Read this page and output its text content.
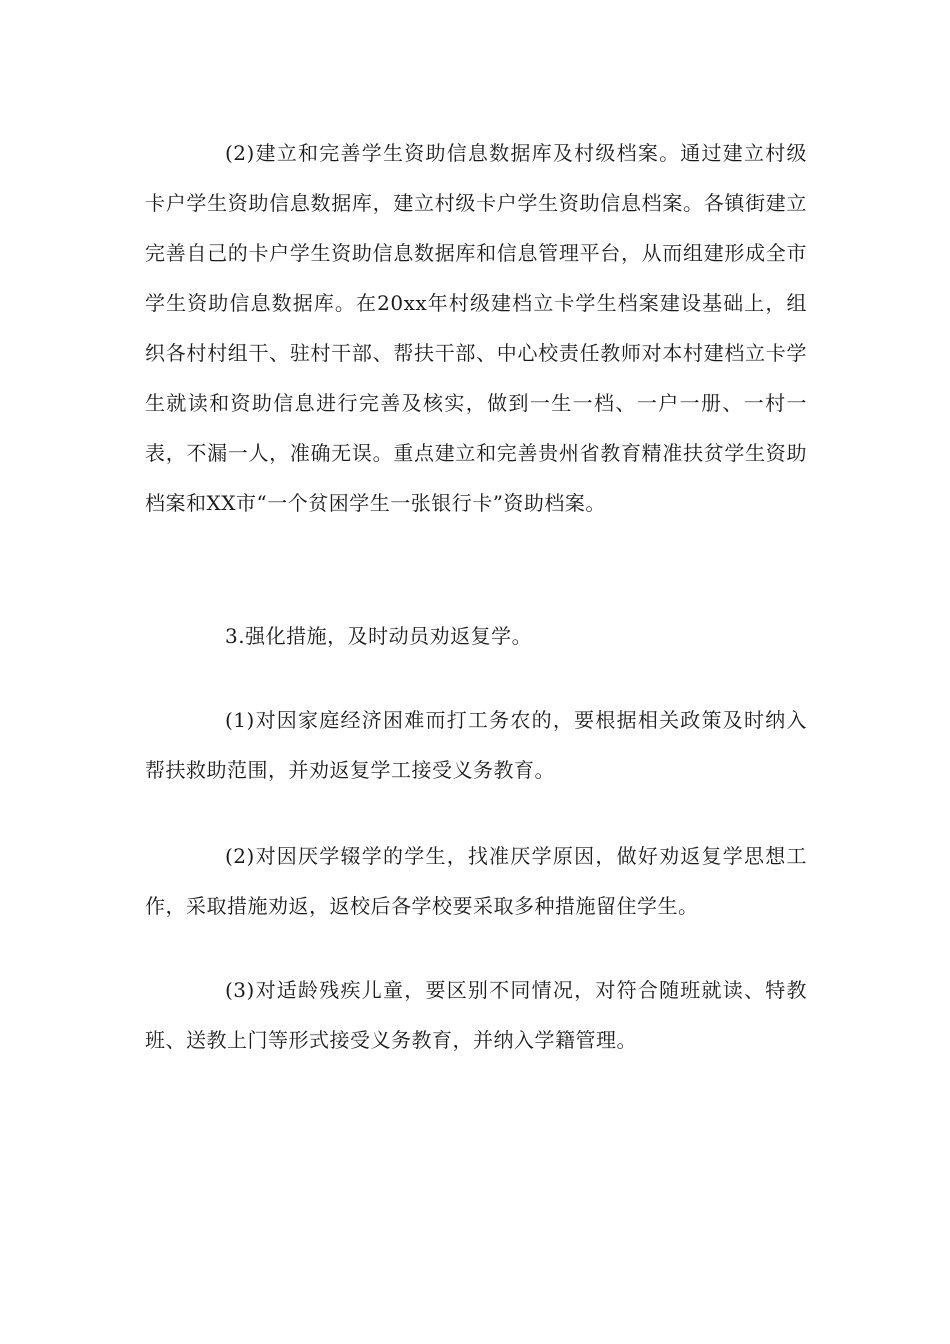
(2)建立和完善学生资助信息数据库及村级档案。通过建立村级卡户学生资助信息数据库，建立村级卡户学生资助信息档案。各镇街建立完善自己的卡户学生资助信息数据库和信息管理平台，从而组建形成全市学生资助信息数据库。在20xx年村级建档立卡学生档案建设基础上，组织各村村组干、驻村干部、帮扶干部、中心校责任教师对本村建档立卡学生就读和资助信息进行完善及核实，做到一生一档、一户一册、一村一表，不漏一人，准确无误。重点建立和完善贵州省教育精准扶贫学生资助档案和XX市“一个贫困学生一张银行卡”资助档案。

3.强化措施，及时动员劝返复学。

(1)对因家庭经济困难而打工务农的，要根据相关政策及时纳入帮扶救助范围，并劝返复学工接受义务教育。

(2)对因厌学辍学的学生，找准厌学原因，做好劝返复学思想工作，采取措施劝返，返校后各学校要采取多种措施留住学生。

(3)对适龄残疾儿童，要区别不同情况，对符合随班就读、特教班、送教上门等形式接受义务教育，并纳入学籍管理。
